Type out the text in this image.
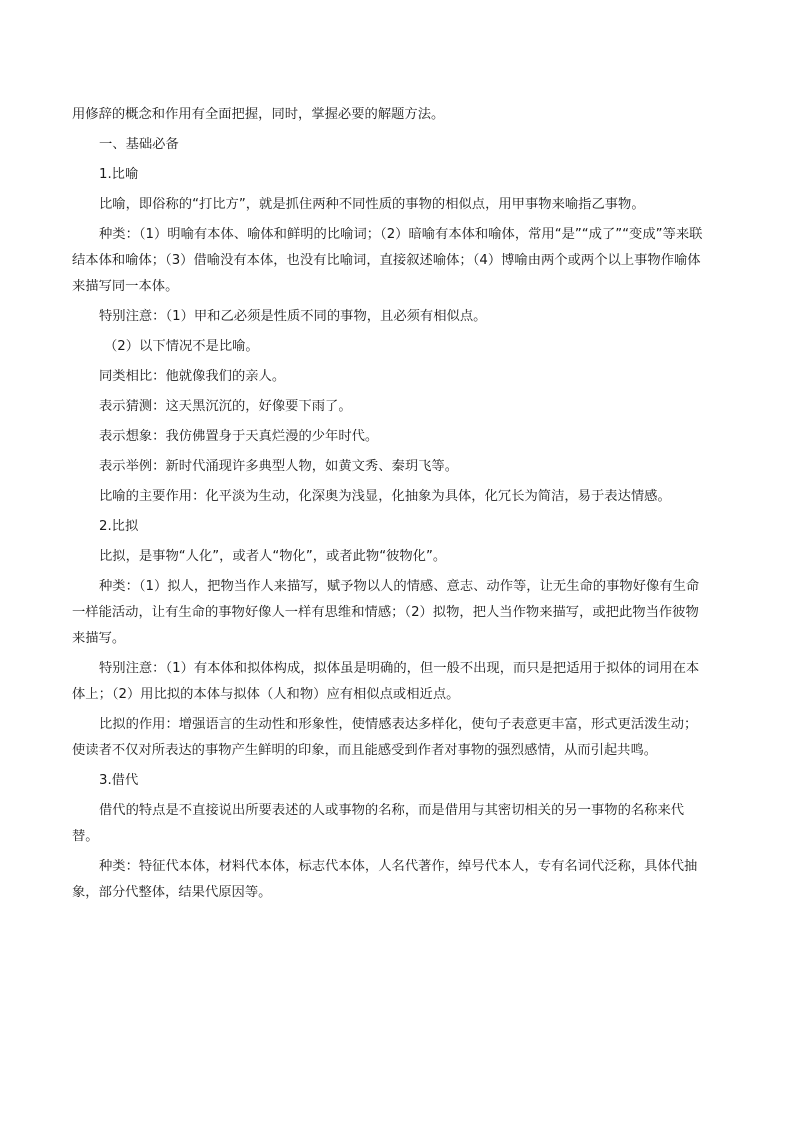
用修辞的概念和作用有全面把握，同时，掌握必要的解题方法。

一、基础必备

1.比喻

比喻，即俗称的“打比方”，就是抓住两种不同性质的事物的相似点，用甲事物来喻指乙事物。

种类：（1）明喻有本体、喻体和鲜明的比喻词；（2）暗喻有本体和喻体，常用“是”“成了”“变成”等来联结本体和喻体；（3）借喻没有本体，也没有比喻词，直接叙述喻体；（4）博喻由两个或两个以上事物作喻体来描写同一本体。

特别注意：（1）甲和乙必须是性质不同的事物，且必须有相似点。

（2）以下情况不是比喻。

同类相比：他就像我们的亲人。

表示猜测：这天黑沉沉的，好像要下雨了。

表示想象：我仿佛置身于天真烂漫的少年时代。

表示举例：新时代涌现许多典型人物，如黄文秀、秦玥飞等。

比喻的主要作用：化平淡为生动，化深奥为浅显，化抽象为具体，化冗长为简洁，易于表达情感。

2.比拟

比拟，是事物“人化”，或者人“物化”，或者此物“彼物化”。

种类：（1）拟人，把物当作人来描写，赋予物以人的情感、意志、动作等，让无生命的事物好像有生命一样能活动，让有生命的事物好像人一样有思维和情感；（2）拟物，把人当作物来描写，或把此物当作彼物来描写。

特别注意：（1）有本体和拟体构成，拟体虽是明确的，但一般不出现，而只是把适用于拟体的词用在本体上；（2）用比拟的本体与拟体（人和物）应有相似点或相近点。

比拟的作用：增强语言的生动性和形象性，使情感表达多样化，使句子表意更丰富，形式更活泼生动；使读者不仅对所表达的事物产生鲜明的印象，而且能感受到作者对事物的强烈感情，从而引起共鸣。

3.借代

借代的特点是不直接说出所要表述的人或事物的名称，而是借用与其密切相关的另一事物的名称来代替。

种类：特征代本体，材料代本体，标志代本体，人名代著作，绰号代本人，专有名词代泛称，具体代抽象，部分代整体，结果代原因等。
